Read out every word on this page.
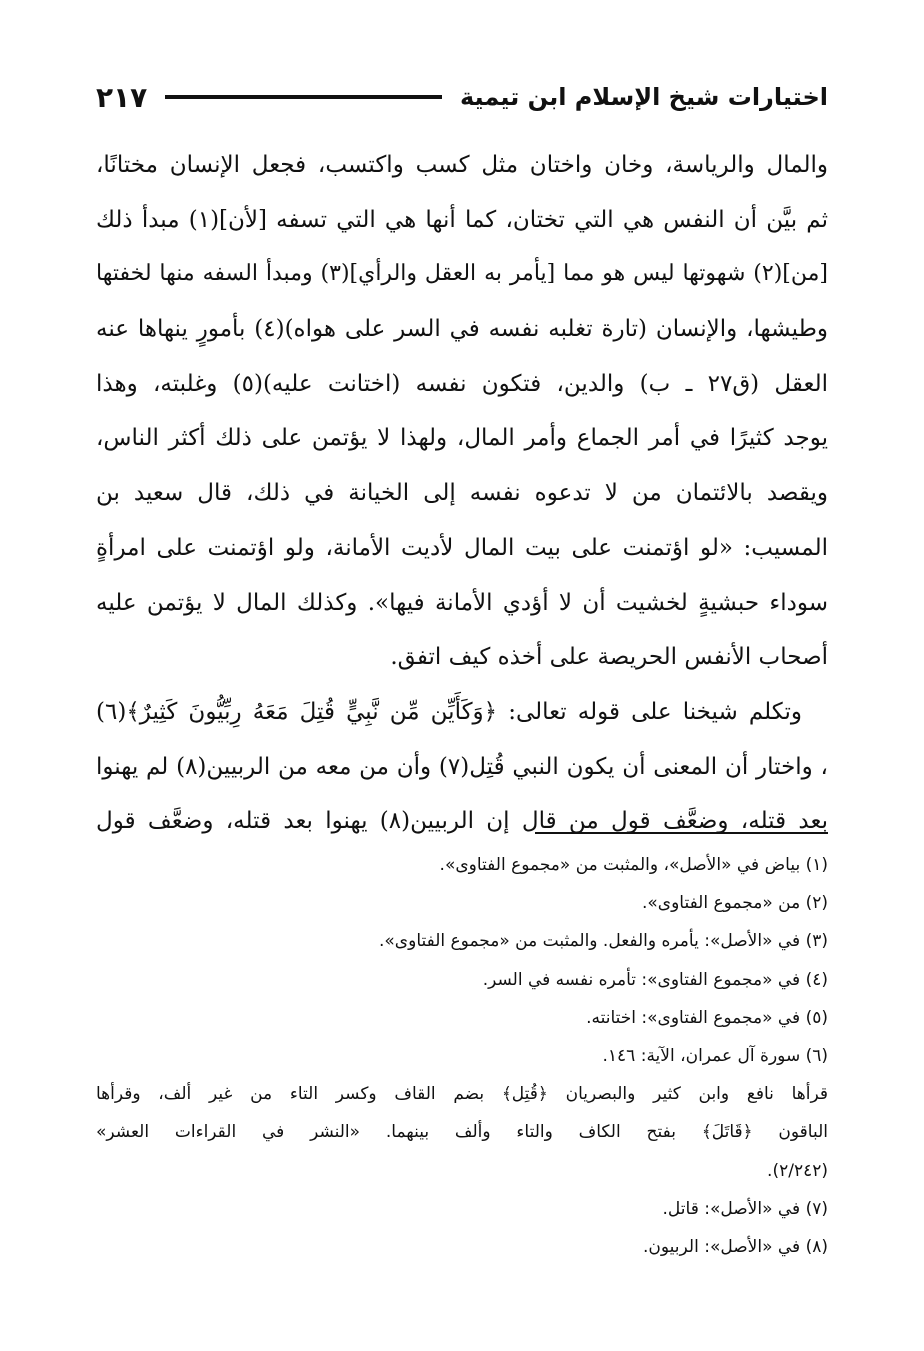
اختيارات شيخ الإسلام ابن تيمية
٢١٧
والمال والرياسة، وخان واختان مثل كسب واكتسب، فجعل الإنسان مختانًا،
ثم بيَّن أن النفس هي التي تختان، كما أنها هي التي تسفه [لأن](١) مبدأ ذلك
[من](٢) شهوتها ليس هو مما [يأمر به العقل والرأي](٣) ومبدأ السفه منها لخفتها
وطيشها، والإنسان (تارة تغلبه نفسه في السر على هواه)(٤) بأمورٍ ينهاها عنه
العقل (ق٢٧ ـ ب) والدين، فتكون نفسه (اختانت عليه)(٥) وغلبته، وهذا
يوجد كثيرًا في أمر الجماع وأمر المال، ولهذا لا يؤتمن على ذلك أكثر الناس،
ويقصد بالائتمان من لا تدعوه نفسه إلى الخيانة في ذلك، قال سعيد بن
المسيب: «لو اؤتمنت على بيت المال لأديت الأمانة، ولو اؤتمنت على امرأةٍ
سوداء حبشيةٍ لخشيت أن لا أؤدي الأمانة فيها». وكذلك المال لا يؤتمن عليه
أصحاب الأنفس الحريصة على أخذه كيف اتفق.
وتكلم شيخنا على قوله تعالى: ﴿وَكَأَيِّن مِّن نَّبِيٍّ قُتِلَ مَعَهُ رِبِّيُّونَ كَثِيرٌ﴾(٦)
، واختار أن المعنى أن يكون النبي قُتِل(٧) وأن من معه من الربيين(٨) لم يهنوا
بعد قتله، وضعَّف قول من قال إن الربيين(٨) يهنوا بعد قتله، وضعَّف قول
(١) بياض في «الأصل»، والمثبت من «مجموع الفتاوى».
(٢) من «مجموع الفتاوى».
(٣) في «الأصل»: يأمره والفعل. والمثبت من «مجموع الفتاوى».
(٤) في «مجموع الفتاوى»: تأمره نفسه في السر.
(٥) في «مجموع الفتاوى»: اختانته.
(٦) سورة آل عمران، الآية: ١٤٦.
قرأها نافع وابن كثير والبصريان ﴿قُتِل﴾ بضم القاف وكسر التاء من غير ألف، وقرأها
الباقون ﴿قَاتَلَ﴾ بفتح الكاف والتاء وألف بينهما. «النشر في القراءات العشر»
(٢/٢٤٢).
(٧) في «الأصل»: قاتل.
(٨) في «الأصل»: الربيون.
